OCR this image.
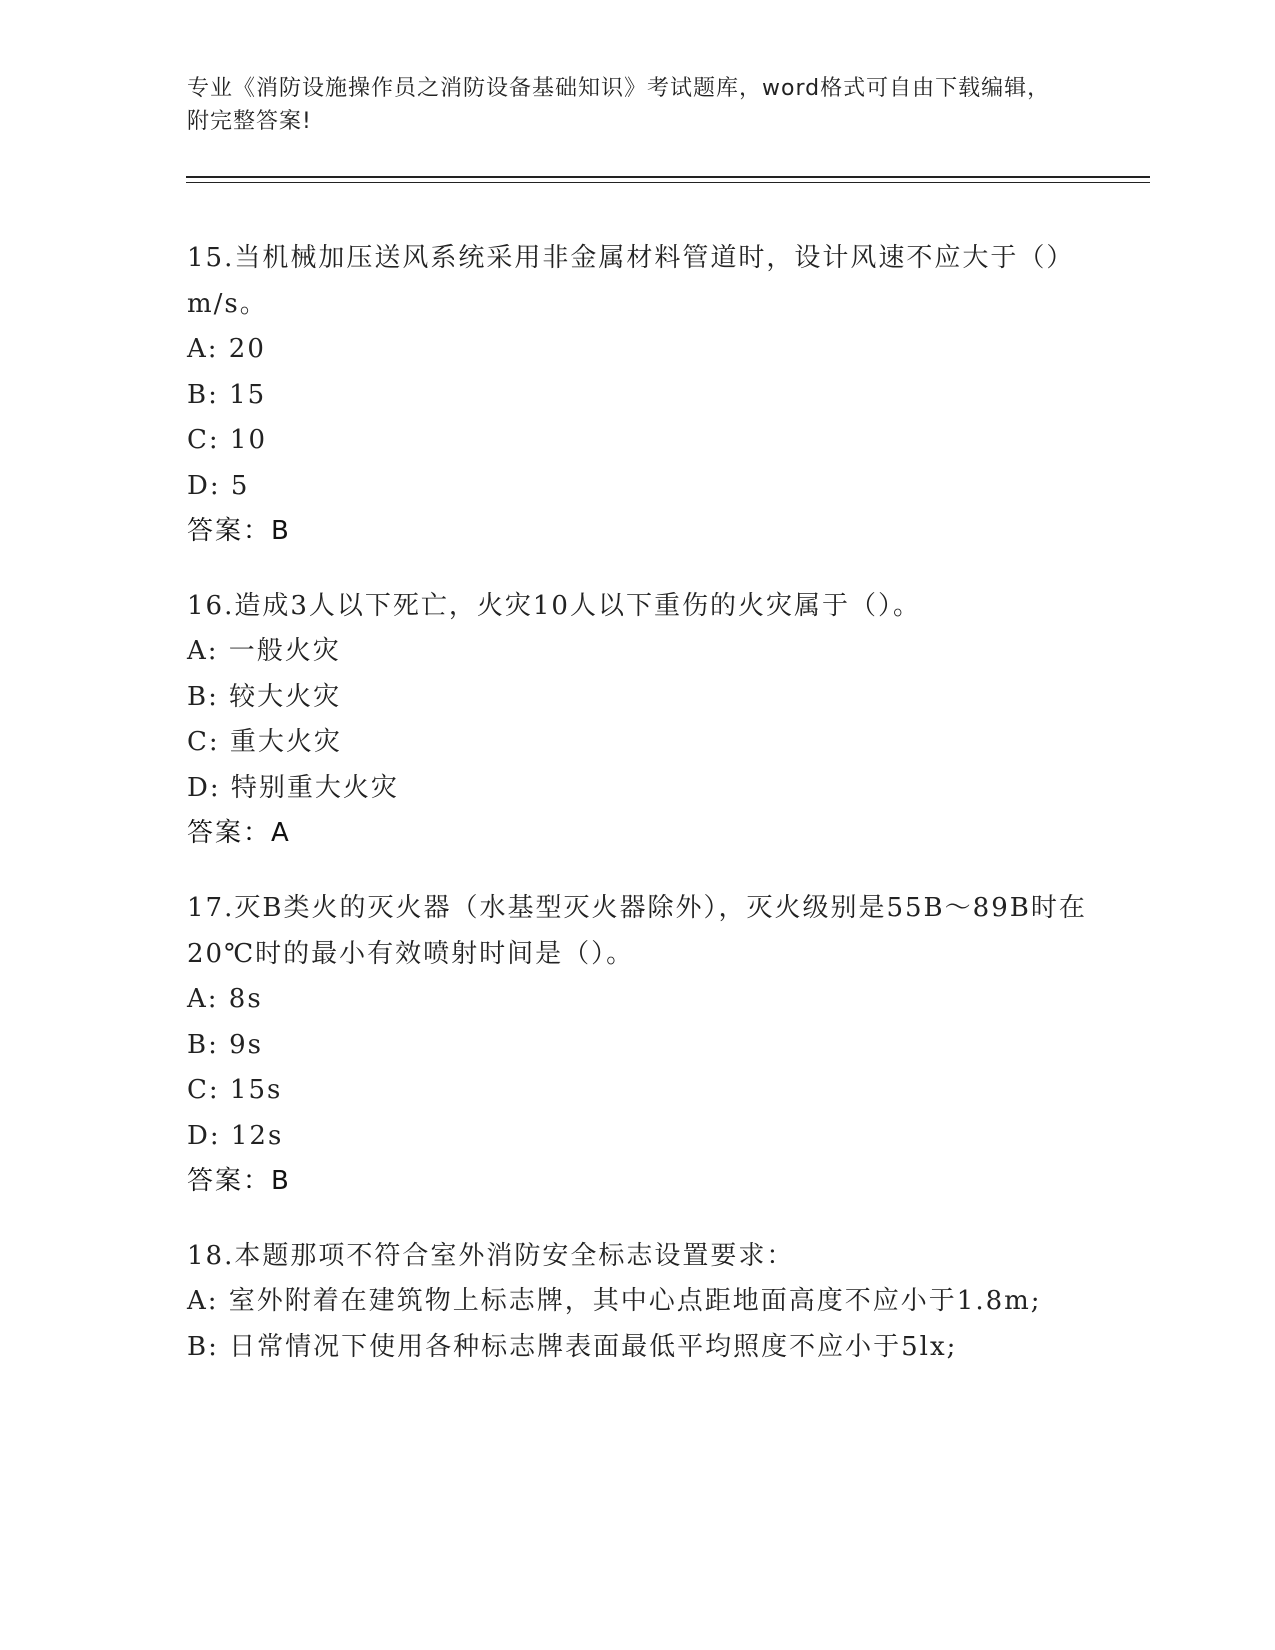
专业《消防设施操作员之消防设备基础知识》考试题库，word格式可自由下载编辑，附完整答案!
15.当机械加压送风系统采用非金属材料管道时，设计风速不应大于（）m/s。
A: 20
B: 15
C: 10
D: 5
答案：B
16.造成3人以下死亡，火灾10人以下重伤的火灾属于（）。
A: 一般火灾
B: 较大火灾
C: 重大火灾
D: 特别重大火灾
答案：A
17.灭B类火的灭火器（水基型灭火器除外），灭火级别是55B～89B时在20℃时的最小有效喷射时间是（）。
A: 8s
B: 9s
C: 15s
D: 12s
答案：B
18.本题那项不符合室外消防安全标志设置要求：
A: 室外附着在建筑物上标志牌，其中心点距地面高度不应小于1.8m;
B: 日常情况下使用各种标志牌表面最低平均照度不应小于5lx;
